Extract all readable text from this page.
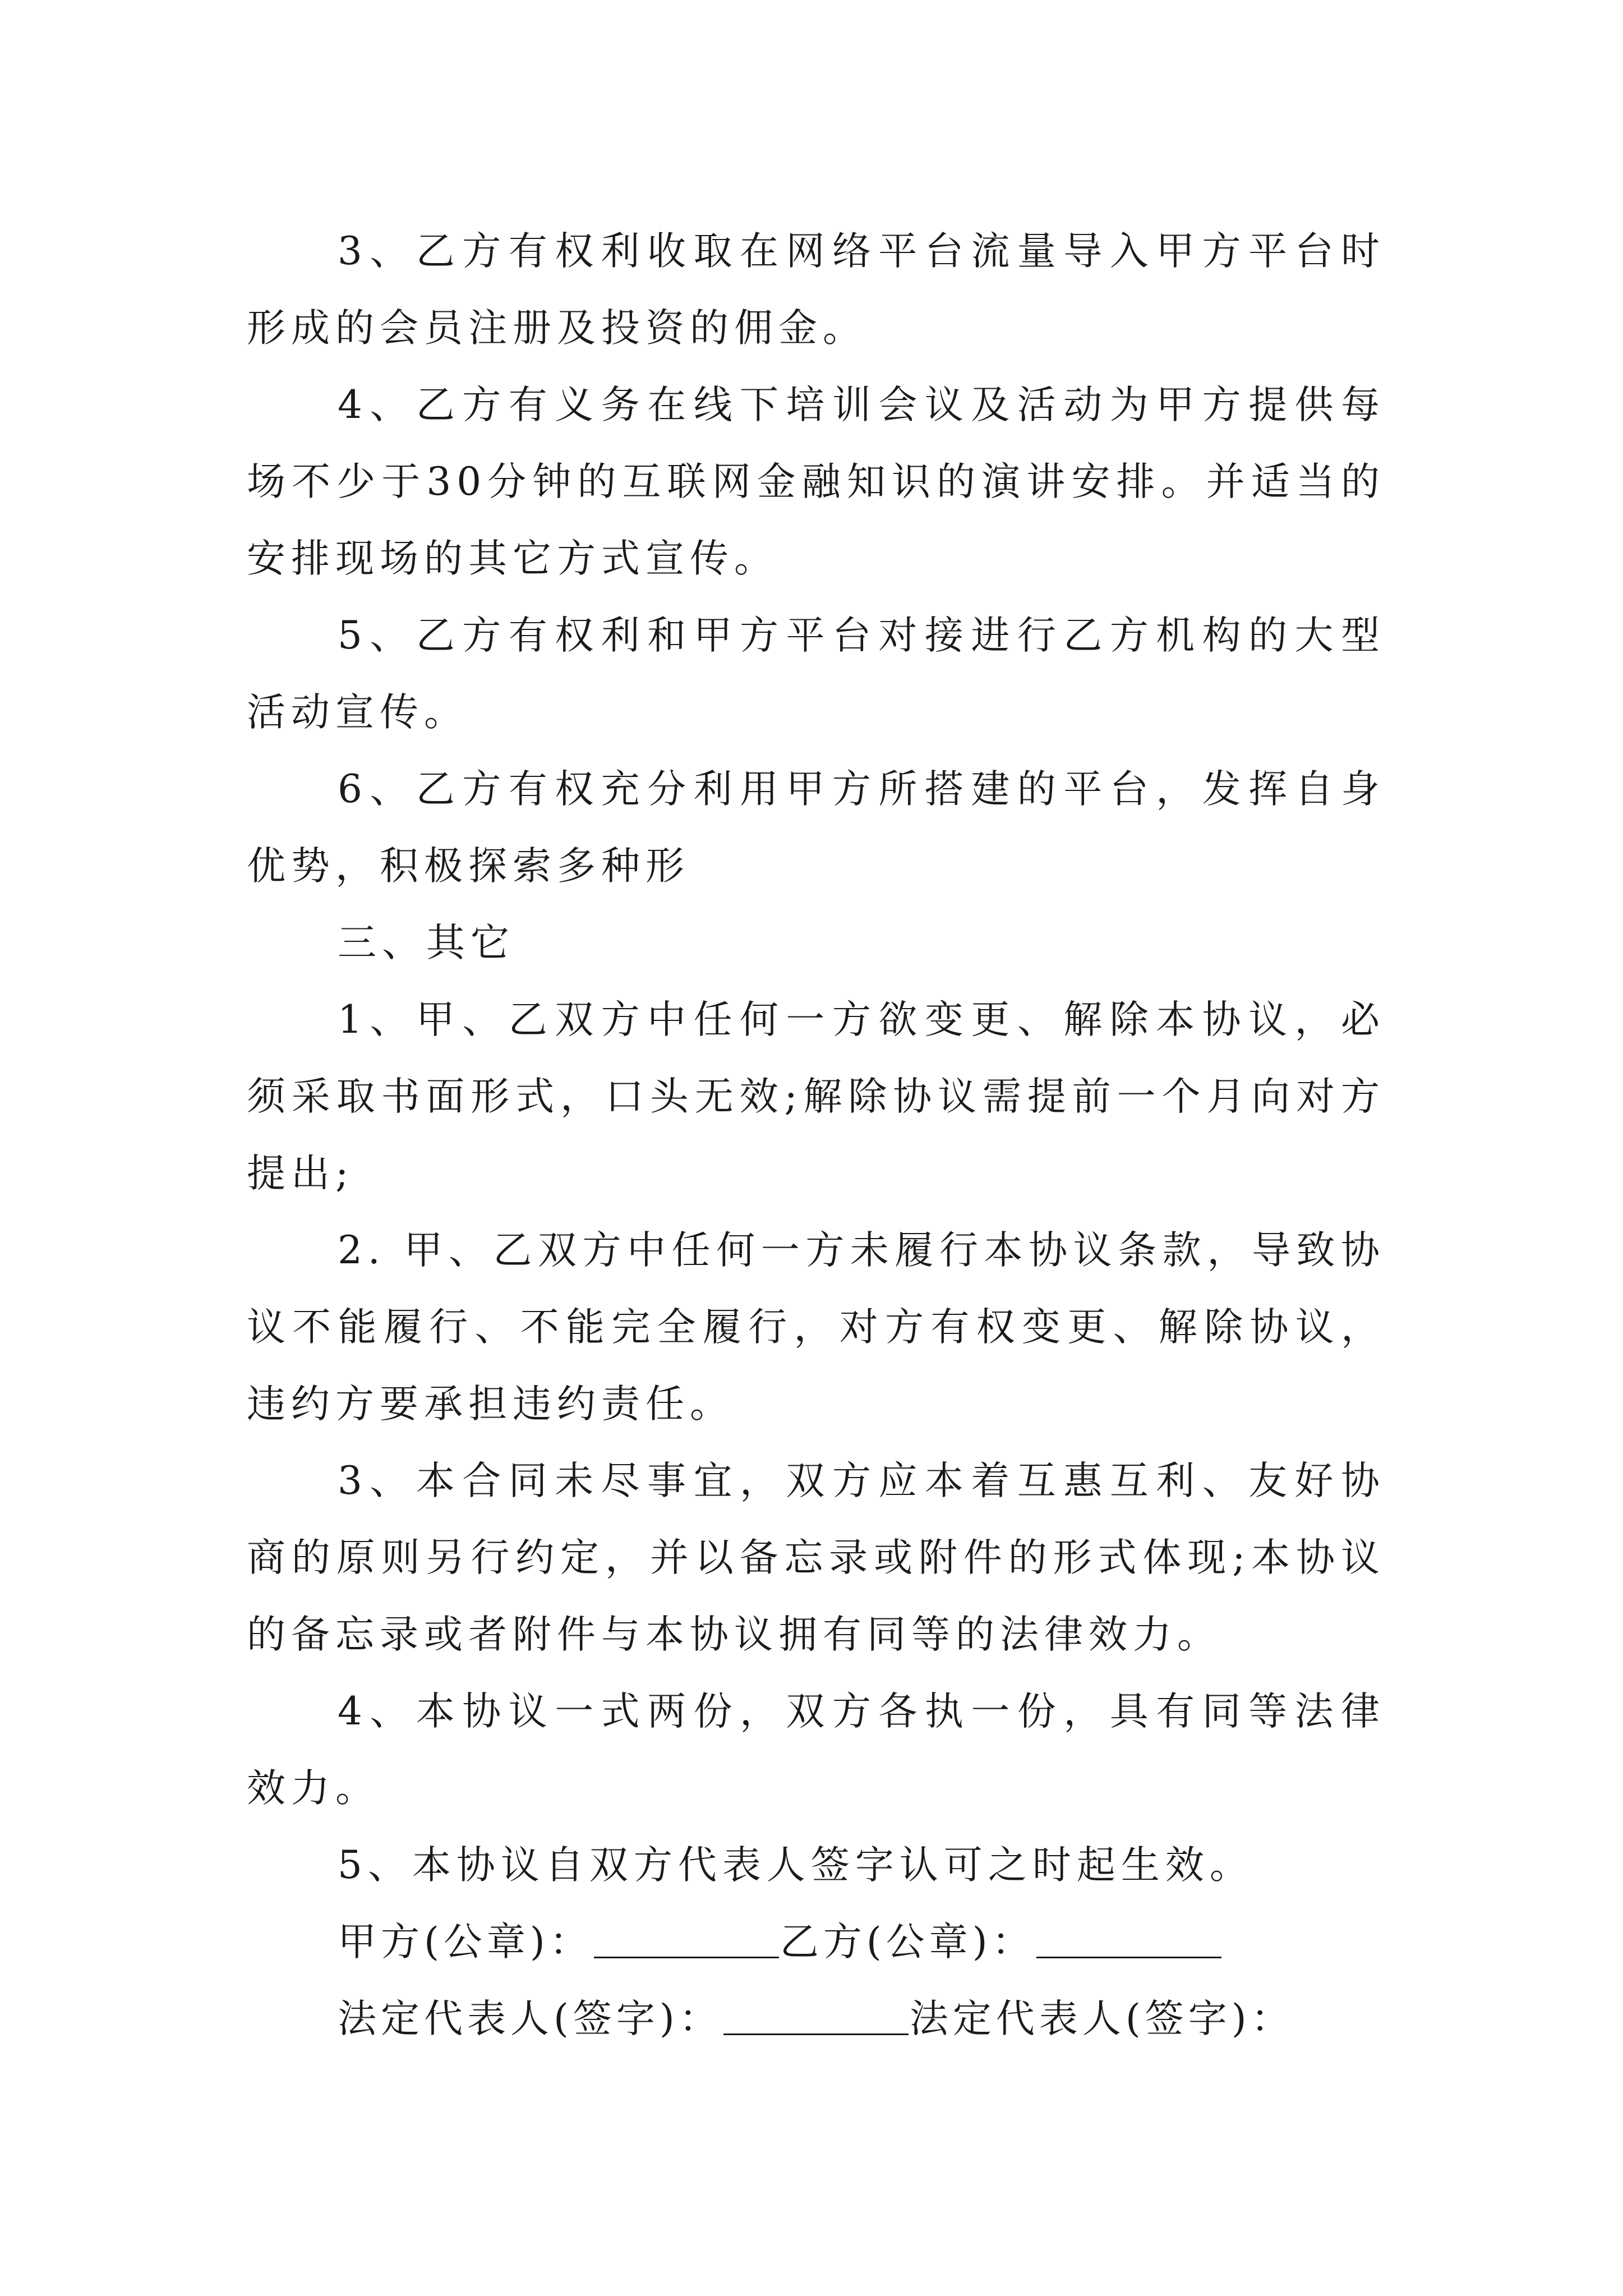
3、乙方有权利收取在网络平台流量导入甲方平台时形成的会员注册及投资的佣金。

4、乙方有义务在线下培训会议及活动为甲方提供每场不少于30分钟的互联网金融知识的演讲安排。并适当的安排现场的其它方式宣传。

5、乙方有权利和甲方平台对接进行乙方机构的大型活动宣传。

6、乙方有权充分利用甲方所搭建的平台，发挥自身优势，积极探索多种形

三、其它

1、甲、乙双方中任何一方欲变更、解除本协议，必须采取书面形式，口头无效;解除协议需提前一个月向对方提出;

2. 甲、乙双方中任何一方未履行本协议条款，导致协议不能履行、不能完全履行，对方有权变更、解除协议，违约方要承担违约责任。

3、本合同未尽事宜，双方应本着互惠互利、友好协商的原则另行约定，并以备忘录或附件的形式体现;本协议的备忘录或者附件与本协议拥有同等的法律效力。

4、本协议一式两份，双方各执一份，具有同等法律效力。

5、本协议自双方代表人签字认可之时起生效。

甲方(公章)：	乙方(公章)：

法定代表人(签字)：	法定代表人(签字)：
